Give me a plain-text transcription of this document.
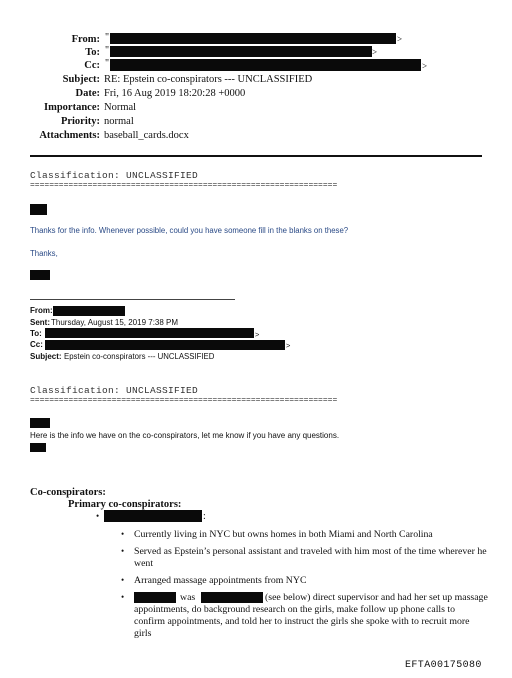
From: "	>
To: "	>
Cc: "	>
Subject: RE: Epstein co-conspirators --- UNCLASSIFIED
Date: Fri, 16 Aug 2019 18:20:28 +0000
Importance: Normal
Priority: normal
Attachments: baseball_cards.docx
Classification: UNCLASSIFIED
================================================================
Thanks for the info. Whenever possible, could you have someone fill in the blanks on these?
Thanks,
From:
Sent: Thursday, August 15, 2019 7:38 PM
To:	>
Cc:	>
Subject: Epstein co-conspirators --- UNCLASSIFIED
Classification: UNCLASSIFIED
================================================================
Here is the info we have on the co-conspirators, let me know if you have any questions.
Co-conspirators:
Primary co-conspirators:
•	:
• Currently living in NYC but owns homes in both Miami and North Carolina
• Served as Epstein’s personal assistant and traveled with him most of the time wherever he went
• Arranged massage appointments from NYC
•	was	(see below) direct supervisor and had her set up massage
appointments, do background research on the girls, make follow up phone calls to
confirm appointments, and told her to instruct the girls she spoke with to recruit more
girls
EFTA00175080
